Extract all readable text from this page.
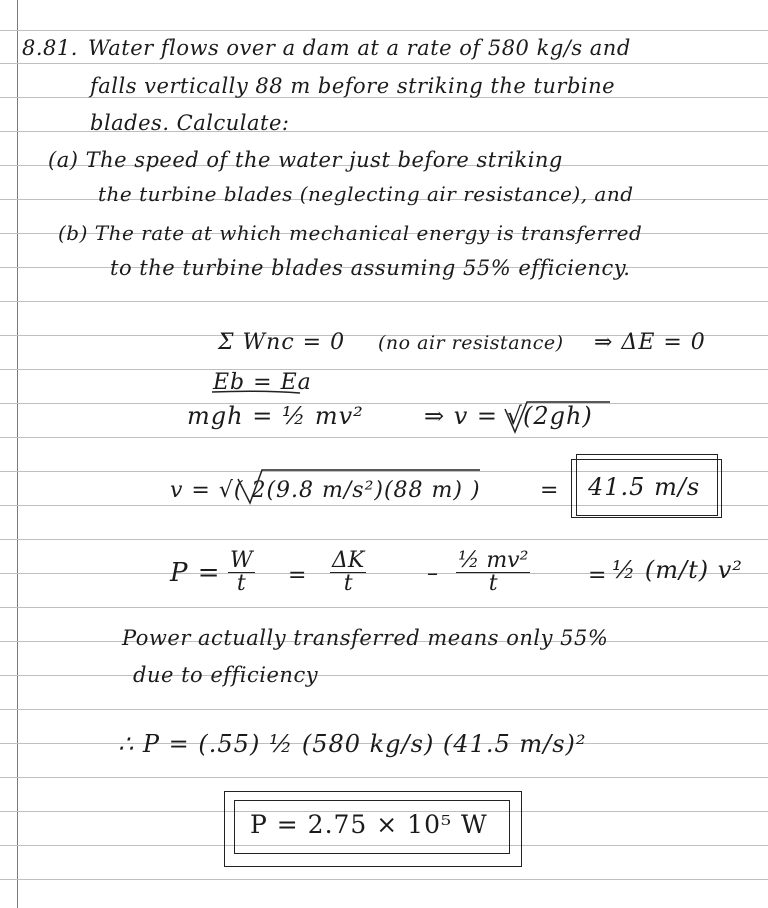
8.81. Water flows over a dam at a rate of 580 kg/s and
falls vertically 88 m before striking the turbine
blades. Calculate:
(a) The speed of the water just before striking
the turbine blades (neglecting air resistance), and
(b) The rate at which mechanical energy is transferred
to the turbine blades assuming 55% efficiency.
Σ Wnc = 0 (no air resistance) ⇒ ΔE = 0
Eb = Ea
mgh = ½ mv²	⇒ v = √(2gh)
v = √( 2(9.8 m/s²)(88 m) )	= 41.5 m/s
$P = \frac{W}{t} = \frac{\Delta K}{t}$	– $\frac{\text{½ mv²}}{t}$	= ½ (m/t) v²
Power actually transferred means only 55%
due to efficiency
∴ P = (.55) ½ (580 kg/s) (41.5 m/s)²
P = 2.75 × 10⁵ W
